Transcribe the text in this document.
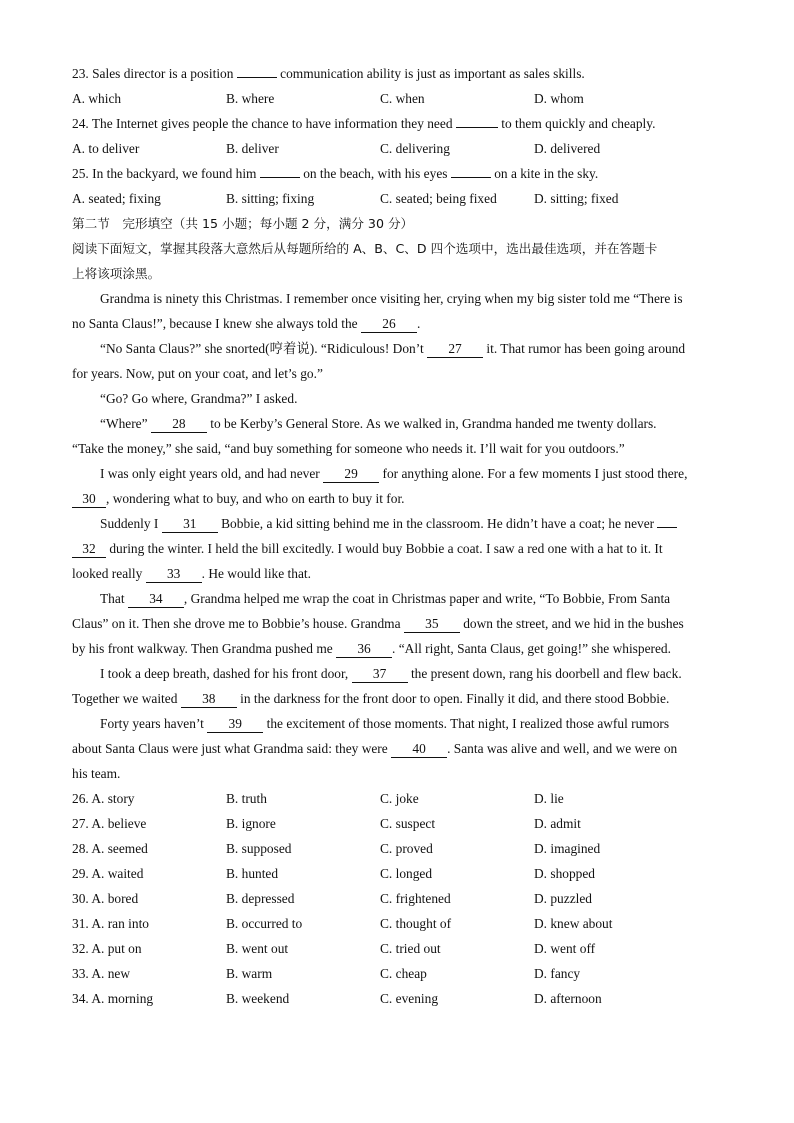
23. Sales director is a position	communication ability is just as important as sales skills.
A. which	B. where	C. when	D. whom
24. The Internet gives people the chance to have information they need	to them quickly and cheaply.
A. to deliver	B. deliver	C. delivering	D. delivered
25. In the backyard, we found him	on the beach, with his eyes	on a kite in the sky.
A. seated; fixing	B. sitting; fixing	C. seated; being fixed	D. sitting; fixed
第二节　完形填空（共 15 小题；每小题 2 分，满分 30 分）
阅读下面短文，掌握其段落大意然后从每题所给的 A、B、C、D 四个选项中，选出最佳选项，并在答题卡
上将该项涂黑。
Grandma is ninety this Christmas. I remember once visiting her, crying when my big sister told me “There is
no Santa Claus!”, because I knew she always told the 26 .
“No Santa Claus?” she snorted(哼着说). “Ridiculous! Don’t 27 it. That rumor has been going around
for years. Now, put on your coat, and let’s go.”
“Go? Go where, Grandma?” I asked.
“Where” 28 to be Kerby’s General Store. As we walked in, Grandma handed me twenty dollars.
“Take the money,” she said, “and buy something for someone who needs it. I’ll wait for you outdoors.”
I was only eight years old, and had never 29 for anything alone. For a few moments I just stood there,
30 , wondering what to buy, and who on earth to buy it for.
Suddenly I 31 Bobbie, a kid sitting behind me in the classroom. He didn’t have a coat; he never
32 during the winter. I held the bill excitedly. I would buy Bobbie a coat. I saw a red one with a hat to it. It
looked really 33 . He would like that.
That 34 , Grandma helped me wrap the coat in Christmas paper and write, “To Bobbie, From Santa
Claus” on it. Then she drove me to Bobbie’s house. Grandma 35 down the street, and we hid in the bushes
by his front walkway. Then Grandma pushed me 36 . “All right, Santa Claus, get going!” she whispered.
I took a deep breath, dashed for his front door, 37 the present down, rang his doorbell and flew back.
Together we waited 38 in the darkness for the front door to open. Finally it did, and there stood Bobbie.
Forty years haven’t 39 the excitement of those moments. That night, I realized those awful rumors
about Santa Claus were just what Grandma said: they were 40 . Santa was alive and well, and we were on
his team.
26. A. story	B. truth	C. joke	D. lie
27. A. believe	B. ignore	C. suspect	D. admit
28. A. seemed	B. supposed	C. proved	D. imagined
29. A. waited	B. hunted	C. longed	D. shopped
30. A. bored	B. depressed	C. frightened	D. puzzled
31. A. ran into	B. occurred to	C. thought of	D. knew about
32. A. put on	B. went out	C. tried out	D. went off
33. A. new	B. warm	C. cheap	D. fancy
34. A. morning	B. weekend	C. evening	D. afternoon
